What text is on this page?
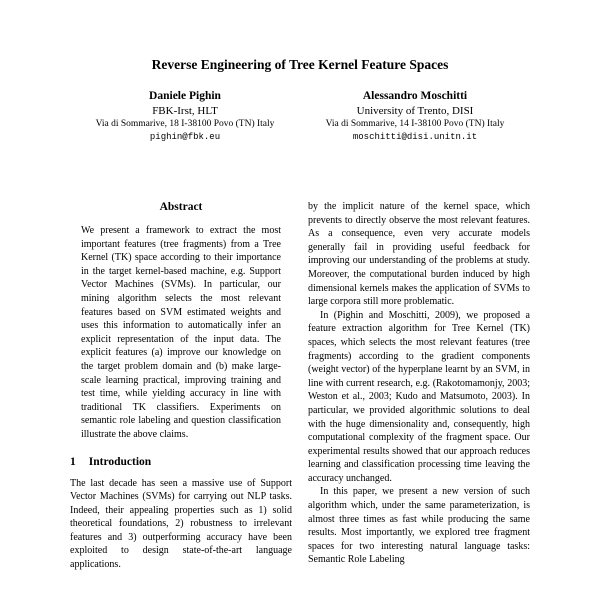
Reverse Engineering of Tree Kernel Feature Spaces
Daniele Pighin
FBK-Irst, HLT
Via di Sommarive, 18 I-38100 Povo (TN) Italy
pighin@fbk.eu
Alessandro Moschitti
University of Trento, DISI
Via di Sommarive, 14 I-38100 Povo (TN) Italy
moschitti@disi.unitn.it
Abstract

We present a framework to extract the most important features (tree fragments) from a Tree Kernel (TK) space according to their importance in the target kernel-based machine, e.g. Support Vector Machines (SVMs). In particular, our mining algorithm selects the most relevant features based on SVM estimated weights and uses this information to automatically infer an explicit representation of the input data. The explicit features (a) improve our knowledge on the target problem domain and (b) make large-scale learning practical, improving training and test time, while yielding accuracy in line with traditional TK classifiers. Experiments on semantic role labeling and question classification illustrate the above claims.

1 Introduction

The last decade has seen a massive use of Support Vector Machines (SVMs) for carrying out NLP tasks. Indeed, their appealing properties such as 1) solid theoretical foundations, 2) robustness to irrelevant features and 3) outperforming accuracy have been exploited to design state-of-the-art language applications.

by the implicit nature of the kernel space, which prevents to directly observe the most relevant features. As a consequence, even very accurate models generally fail in providing useful feedback for improving our understanding of the problems at study. Moreover, the computational burden induced by high dimensional kernels makes the application of SVMs to large corpora still more problematic.

In (Pighin and Moschitti, 2009), we proposed a feature extraction algorithm for Tree Kernel (TK) spaces, which selects the most relevant features (tree fragments) according to the gradient components (weight vector) of the hyperplane learnt by an SVM, in line with current research, e.g. (Rakotomamonjy, 2003; Weston et al., 2003; Kudo and Matsumoto, 2003). In particular, we provided algorithmic solutions to deal with the huge dimensionality and, consequently, high computational complexity of the fragment space. Our experimental results showed that our approach reduces learning and classification processing time leaving the accuracy unchanged.

In this paper, we present a new version of such algorithm which, under the same parameterization, is almost three times as fast while producing the same results. Most importantly, we explored tree fragment spaces for two interesting natural language tasks: Semantic Role Labeling
